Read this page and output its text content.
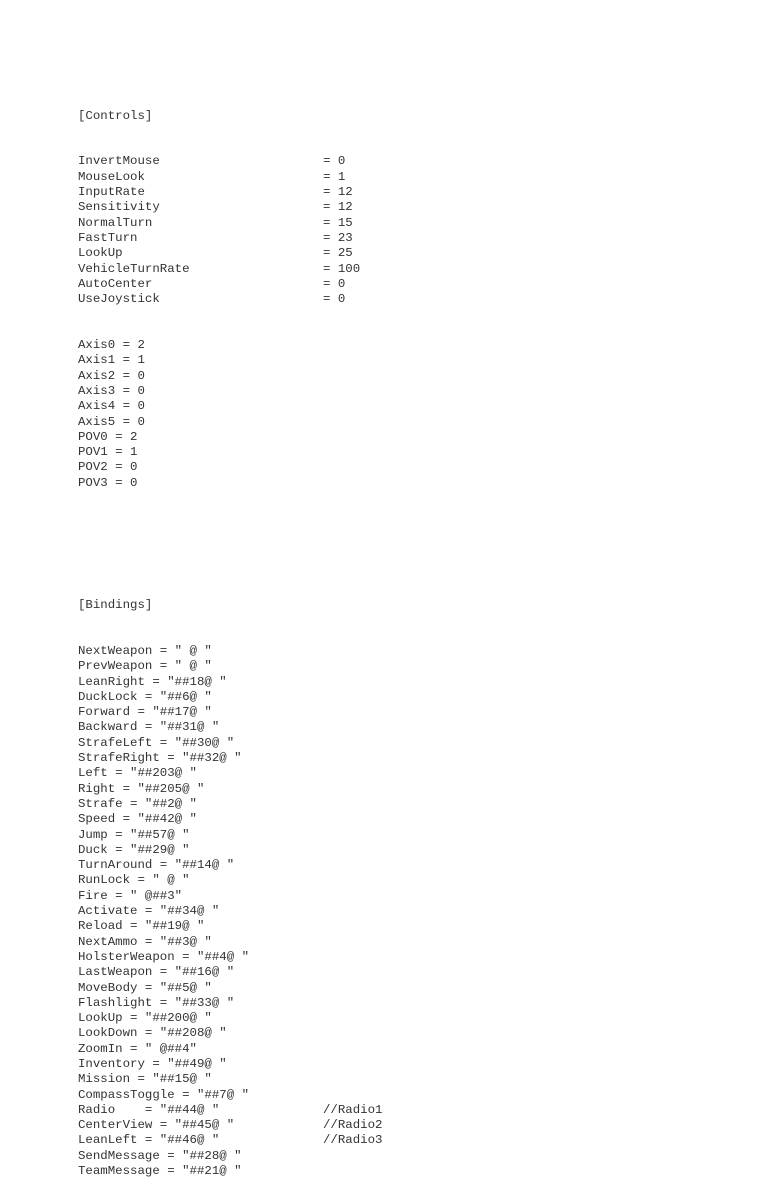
[Controls]

InvertMouse	= 0
MouseLook	= 1
InputRate	= 12
Sensitivity	= 12
NormalTurn	= 15
FastTurn	= 23
LookUp	= 25
VehicleTurnRate	= 100
AutoCenter	= 0
UseJoystick	= 0

Axis0 = 2
Axis1 = 1
Axis2 = 0
Axis3 = 0
Axis4 = 0
Axis5 = 0
POV0 = 2
POV1 = 1
POV2 = 0
POV3 = 0

[Bindings]

NextWeapon = " @ "
PrevWeapon = " @ "
LeanRight = "##18@ "
DuckLock = "##6@ "
Forward = "##17@ "
Backward = "##31@ "
StrafeLeft = "##30@ "
StrafeRight = "##32@ "
Left = "##203@ "
Right = "##205@ "
Strafe = "##2@ "
Speed = "##42@ "
Jump = "##57@ "
Duck = "##29@ "
TurnAround = "##14@ "
RunLock = " @ "
Fire = " @##3"
Activate = "##34@ "
Reload = "##19@ "
NextAmmo = "##3@ "
HolsterWeapon = "##4@ "
LastWeapon = "##16@ "
MoveBody = "##5@ "
Flashlight = "##33@ "
LookUp = "##200@ "
LookDown = "##208@ "
ZoomIn = " @##4"
Inventory = "##49@ "
Mission = "##15@ "
CompassToggle = "##7@ "
Radio    = "##44@ "	//Radio1
CenterView = "##45@ "	//Radio2
LeanLeft = "##46@ "	//Radio3
SendMessage = "##28@ "
TeamMessage = "##21@ "
